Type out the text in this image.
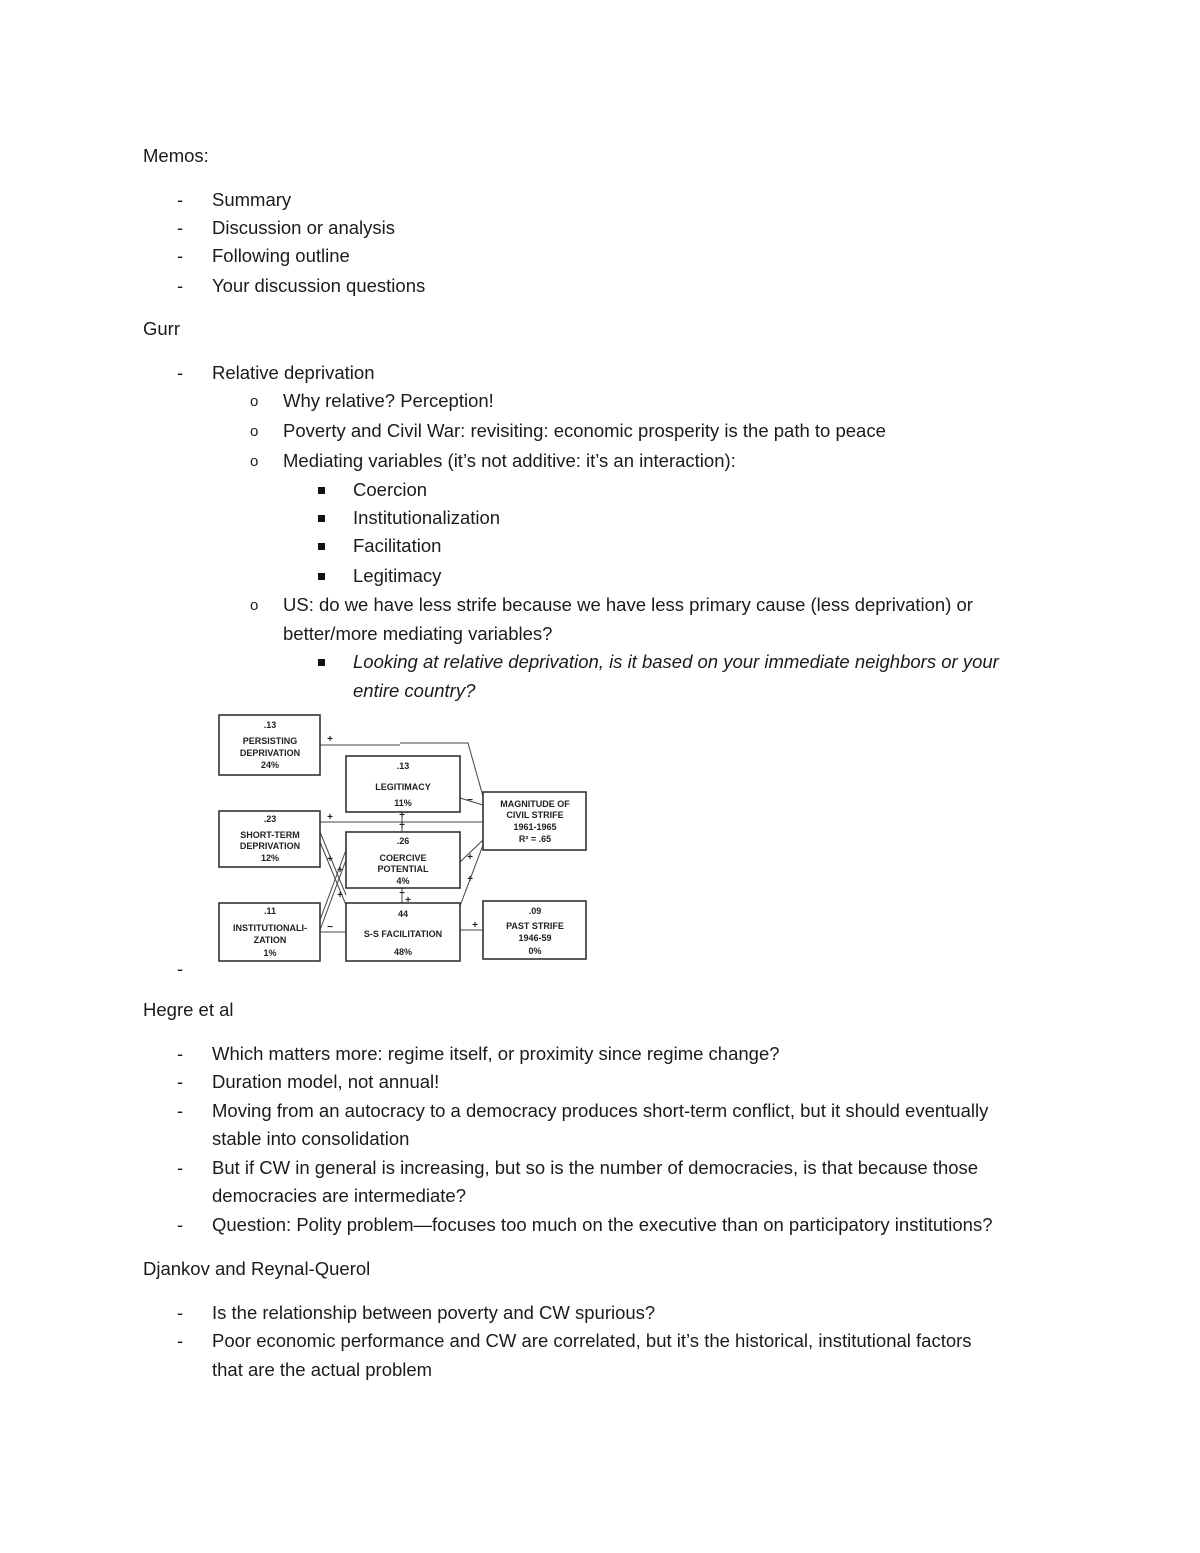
Memos:
- Summary
- Discussion or analysis
- Following outline
- Your discussion questions
Gurr
- Relative deprivation
o Why relative? Perception!
o Poverty and Civil War: revisiting: economic prosperity is the path to peace
o Mediating variables (it’s not additive: it’s an interaction):
Coercion
Institutionalization
Facilitation
Legitimacy
o US: do we have less strife because we have less primary cause (less deprivation) or
better/more mediating variables?
Looking at relative deprivation, is it based on your immediate neighbors or your
entire country?
.13
PERSISTING
DEPRIVATION
24%
.23
SHORT-TERM
DEPRIVATION
12%
.11
INSTITUTIONALI-
ZATION
1%
.13
LEGITIMACY
11%
.26
COERCIVE
POTENTIAL
4%
44
S-S FACILITATION
48%
MAGNITUDE OF
CIVIL STRIFE
1961-1965
R² = .65
.09
PAST STRIFE
1946-59
0%
+
+	+
+
−
+
−
−	+
+
+
+
+
+
-
Hegre et al
- Which matters more: regime itself, or proximity since regime change?
- Duration model, not annual!
- Moving from an autocracy to a democracy produces short-term conflict, but it should eventually
stable into consolidation
- But if CW in general is increasing, but so is the number of democracies, is that because those
democracies are intermediate?
- Question: Polity problem—focuses too much on the executive than on participatory institutions?
Djankov and Reynal-Querol
- Is the relationship between poverty and CW spurious?
- Poor economic performance and CW are correlated, but it’s the historical, institutional factors
that are the actual problem
